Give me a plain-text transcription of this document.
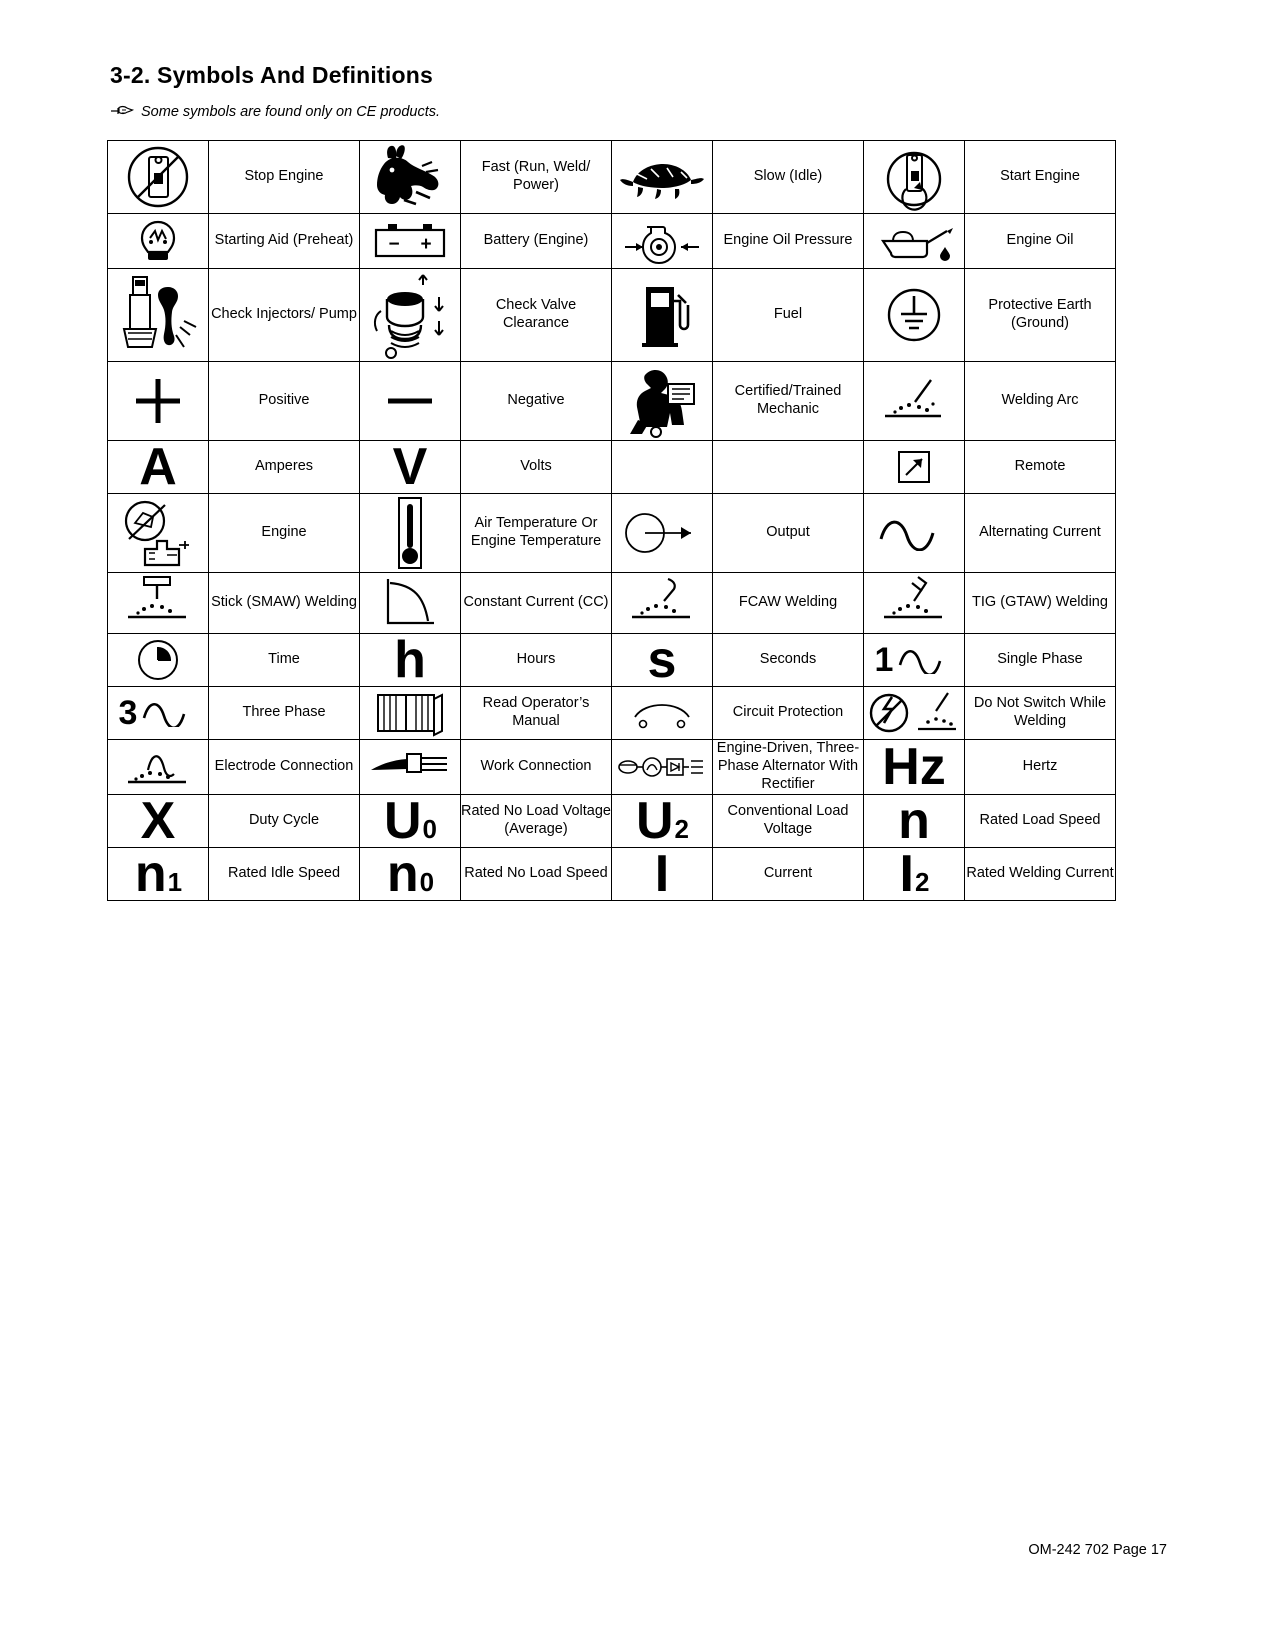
3-2. Symbols And Definitions
Some symbols are found only on CE products.
	Stop Engine		Fast (Run, Weld/ Power)		Slow (Idle)		Start Engine

	Starting Aid (Preheat)	− +	Battery (Engine)		Engine Oil Pressure		Engine Oil

	Check Injectors/ Pump		Check Valve Clearance		Fuel		Protective Earth (Ground)

	Positive		Negative		Certified/Trained Mechanic		Welding Arc

A	Amperes	V	Volts				Remote

	Engine		Air Temperature Or Engine Temperature		Output		Alternating Current

	Stick (SMAW) Welding		Constant Current (CC)		FCAW Welding		TIG (GTAW) Welding

	Time	h	Hours	s	Seconds	1	Single Phase

3	Three Phase		Read Operator’s Manual		Circuit Protection		Do Not Switch While Welding

	Electrode Connection		Work Connection		Engine-Driven, Three-Phase Alternator With Rectifier	Hz	Hertz

X	Duty Cycle	U 0	Rated No Load Voltage (Average)	U 2	Conventional Load Voltage	n	Rated Load Speed

n 1	Rated Idle Speed	n 0	Rated No Load Speed	I	Current	I 2	Rated Welding Current
OM-242 702 Page 17
